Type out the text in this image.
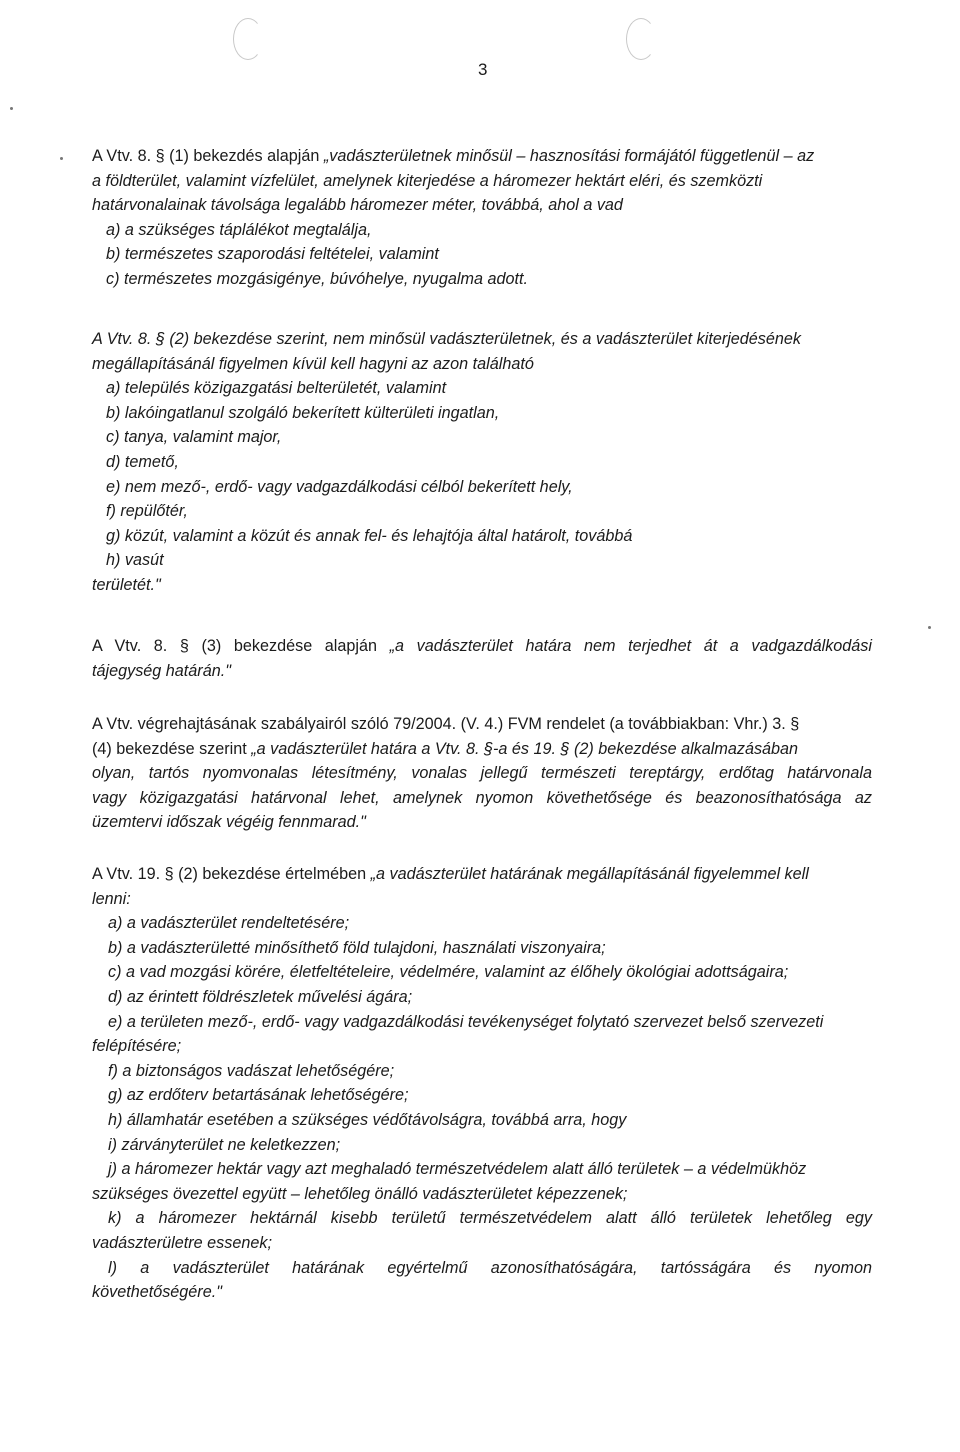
3

A Vtv. 8. § (1) bekezdés alapján „vadászterületnek minősül – hasznosítási formájától függetlenül – az

a földterület, valamint vízfelület, amelynek kiterjedése a háromezer hektárt eléri, és szemközti

határvonalainak távolsága legalább háromezer méter, továbbá, ahol a vad

a) a szükséges táplálékot megtalálja,

b) természetes szaporodási feltételei, valamint

c) természetes mozgásigénye, búvóhelye, nyugalma adott.

A Vtv. 8. § (2) bekezdése szerint, nem minősül vadászterületnek, és a vadászterület kiterjedésének

megállapításánál figyelmen kívül kell hagyni az azon található

a) település közigazgatási belterületét, valamint

b) lakóingatlanul szolgáló bekerített külterületi ingatlan,

c) tanya, valamint major,

d) temető,

e) nem mező-, erdő- vagy vadgazdálkodási célból bekerített hely,

f) repülőtér,

g) közút, valamint a közút és annak fel- és lehajtója által határolt, továbbá

h) vasút

területét."

A Vtv. 8. § (3) bekezdése alapján „a vadászterület határa nem terjedhet át a vadgazdálkodási

tájegység határán."

A Vtv. végrehajtásának szabályairól szóló 79/2004. (V. 4.) FVM rendelet (a továbbiakban: Vhr.) 3. §

(4) bekezdése szerint „a vadászterület határa a Vtv. 8. §-a és 19. § (2) bekezdése alkalmazásában

olyan, tartós nyomvonalas létesítmény, vonalas jellegű természeti tereptárgy, erdőtag határvonala

vagy közigazgatási határvonal lehet, amelynek nyomon követhetősége és beazonosíthatósága az

üzemtervi időszak végéig fennmarad."

A Vtv. 19. § (2) bekezdése értelmében „a vadászterület határának megállapításánál figyelemmel kell

lenni:

a) a vadászterület rendeltetésére;

b) a vadászterületté minősíthető föld tulajdoni, használati viszonyaira;

c) a vad mozgási körére, életfeltételeire, védelmére, valamint az élőhely ökológiai adottságaira;

d) az érintett földrészletek művelési ágára;

e) a területen mező-, erdő- vagy vadgazdálkodási tevékenységet folytató szervezet belső szervezeti

felépítésére;

f) a biztonságos vadászat lehetőségére;

g) az erdőterv betartásának lehetőségére;

h) államhatár esetében a szükséges védőtávolságra, továbbá arra, hogy

i) zárványterület ne keletkezzen;

j) a háromezer hektár vagy azt meghaladó természetvédelem alatt álló területek – a védelmükhöz

szükséges övezettel együtt – lehetőleg önálló vadászterületet képezzenek;

k) a háromezer hektárnál kisebb területű természetvédelem alatt álló területek lehetőleg egy

vadászterületre essenek;

l) a vadászterület határának egyértelmű azonosíthatóságára, tartósságára és nyomon

követhetőségére."
